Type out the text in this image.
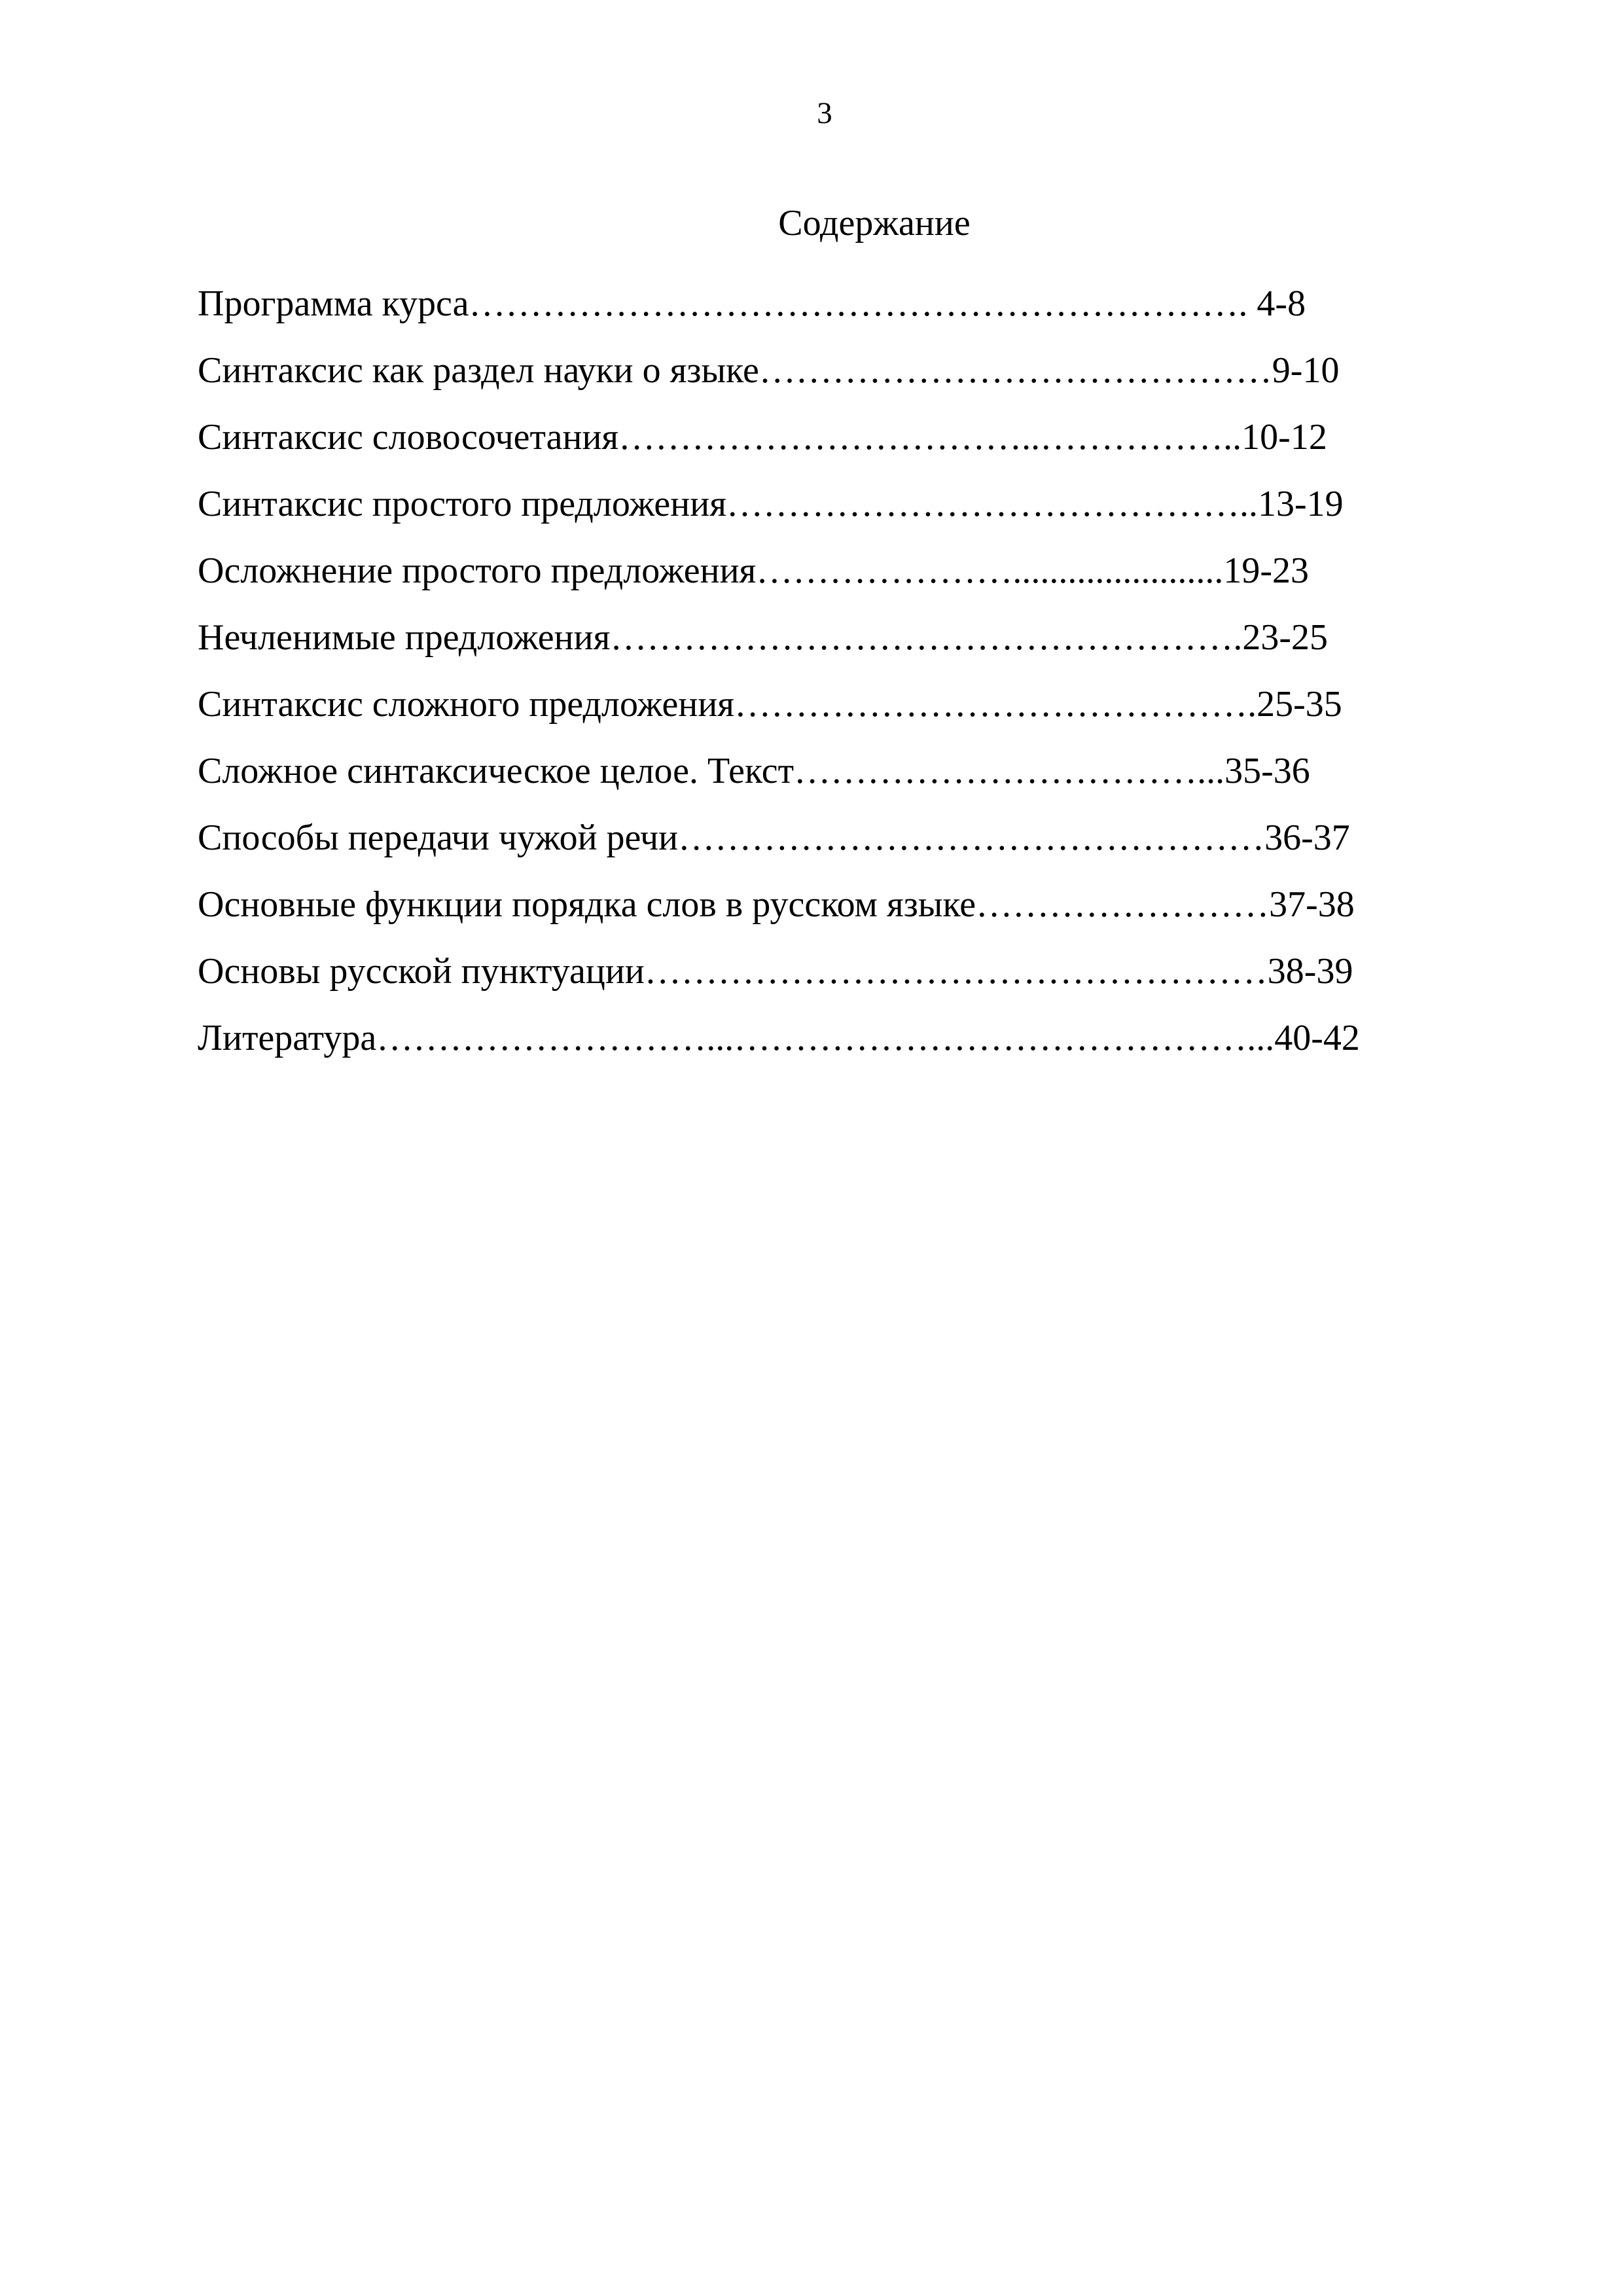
3
Содержание
Программа курса………………………………………………………. 4-8
Синтаксис как раздел науки о языке……………………………………9-10
Синтаксис словосочетания……………………………..……………..10-12
Синтаксис простого предложения……………………………………..13-19
Осложнение простого предложения………………….......................19-23
Нечленимые предложения…………………………………………….23-25
Синтаксис сложного предложения…………………………………….25-35
Сложное синтаксическое целое. Текст……………………………...35-36
Способы передачи чужой речи…………………………………………36-37
Основные функции порядка слов в русском языке……………………37-38
Основы русской пунктуации……………………………………………38-39
Литература………………………...……………………………………...40-42
